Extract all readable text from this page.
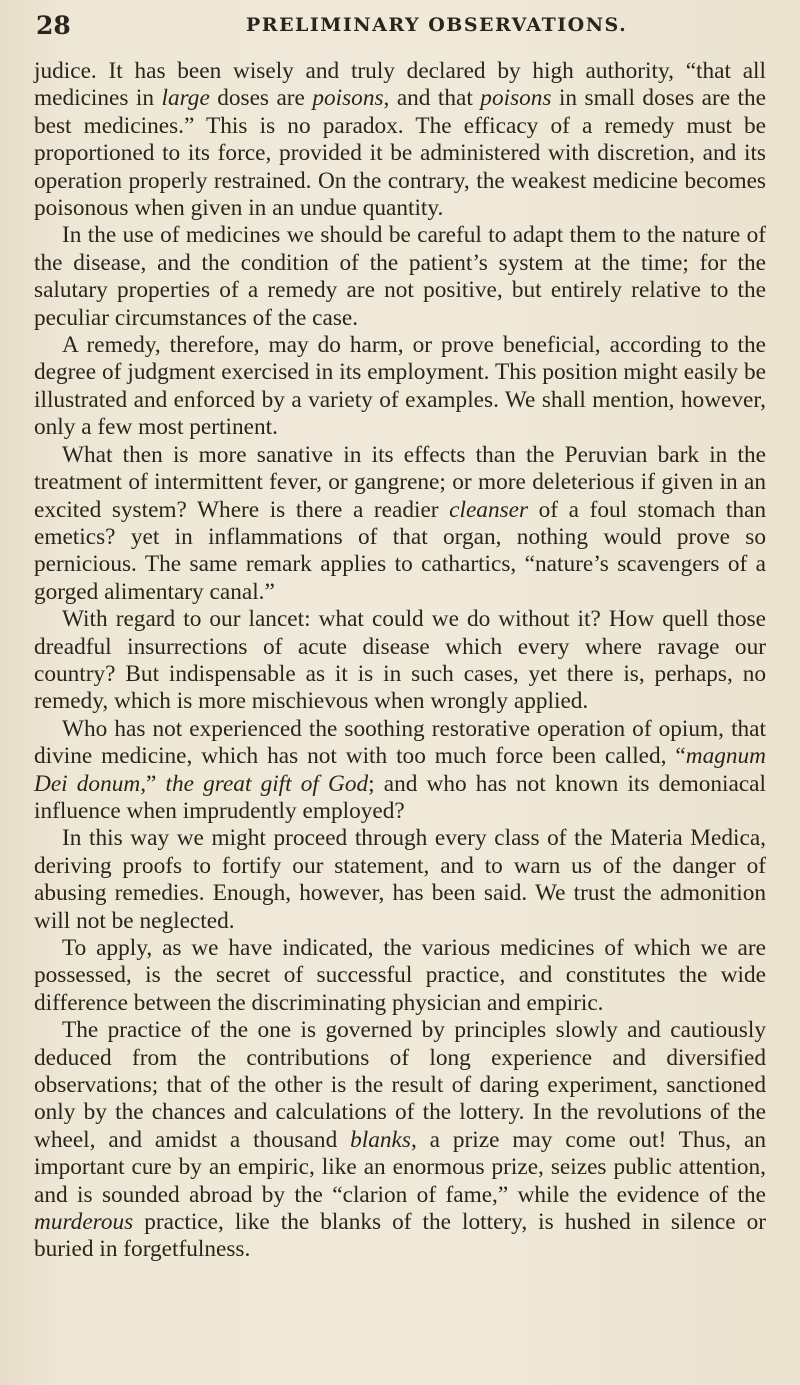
28	PRELIMINARY OBSERVATIONS.

judice. It has been wisely and truly declared by high authority, “that all medicines in large doses are poisons, and that poisons in small doses are the best medicines.” This is no paradox. The efficacy of a remedy must be proportioned to its force, provided it be administered with discretion, and its operation properly restrained. On the contrary, the weakest medicine becomes poisonous when given in an undue quantity.

In the use of medicines we should be careful to adapt them to the nature of the disease, and the condition of the patient’s system at the time; for the salutary properties of a remedy are not positive, but entirely relative to the peculiar circumstances of the case.

A remedy, therefore, may do harm, or prove beneficial, according to the degree of judgment exercised in its employment. This position might easily be illustrated and enforced by a variety of examples. We shall mention, however, only a few most pertinent.

What then is more sanative in its effects than the Peruvian bark in the treatment of intermittent fever, or gangrene; or more deleterious if given in an excited system? Where is there a readier cleanser of a foul stomach than emetics? yet in inflammations of that organ, nothing would prove so pernicious. The same remark applies to cathartics, “nature’s scavengers of a gorged alimentary canal.”

With regard to our lancet: what could we do without it? How quell those dreadful insurrections of acute disease which every where ravage our country? But indispensable as it is in such cases, yet there is, perhaps, no remedy, which is more mischievous when wrongly applied.

Who has not experienced the soothing restorative operation of opium, that divine medicine, which has not with too much force been called, “magnum Dei donum,” the great gift of God; and who has not known its demoniacal influence when imprudently employed?

In this way we might proceed through every class of the Materia Medica, deriving proofs to fortify our statement, and to warn us of the danger of abusing remedies. Enough, however, has been said. We trust the admonition will not be neglected.

To apply, as we have indicated, the various medicines of which we are possessed, is the secret of successful practice, and constitutes the wide difference between the discriminating physician and empiric.

The practice of the one is governed by principles slowly and cautiously deduced from the contributions of long experience and diversified observations; that of the other is the result of daring experiment, sanctioned only by the chances and calculations of the lottery. In the revolutions of the wheel, and amidst a thousand blanks, a prize may come out! Thus, an important cure by an empiric, like an enormous prize, seizes public attention, and is sounded abroad by the “clarion of fame,” while the evidence of the murderous practice, like the blanks of the lottery, is hushed in silence or buried in forgetfulness.
